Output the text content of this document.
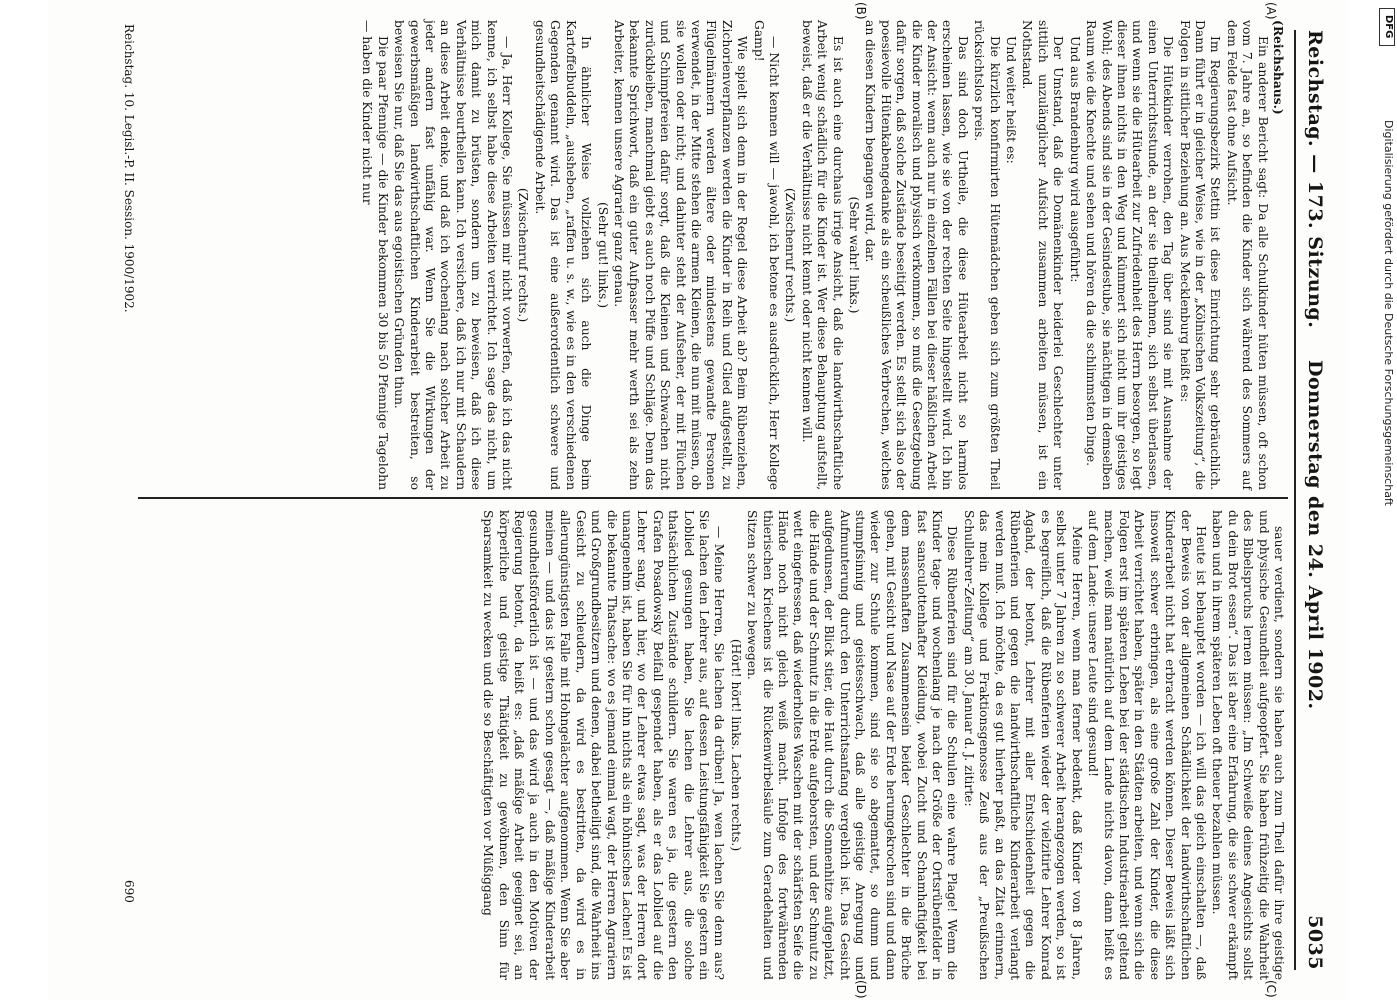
Reichstag. — 173. Sitzung.
Donnerstag den 24. April 1902.
5035
(A)
(B)
(C)
(D)

(Reichshaus.)

Ein anderer Bericht sagt: Da alle Schulkinder hüten müssen, oft schon vom 7. Jahre an, so befinden die Kinder sich während des Sommers auf dem Felde fast ohne Aufsicht.

Im Regierungsbezirk Stettin ist diese Einrichtung sehr gebräuchlich. Dann führt er in gleicher Weise, wie in der „Kölnischen Volkszeitung“, die Folgen in sittlicher Beziehung an. Aus Mecklenburg heißt es:

Die Hütekinder verrohen, den Tag über sind sie mit Ausnahme der einen Unterrichtsstunde, an der sie theilnehmen, sich selbst überlassen, und wenn sie die Hütearbeit zur Zufriedenheit des Herrn besorgen, so legt dieser ihnen nichts in den Weg und kümmert sich nicht um ihr geistiges Wohl; des Abends sind sie in der Gesindestube, sie nächtigen in demselben Raum wie die Knechte und sehen und hören da die schlimmsten Dinge.

Und aus Brandenburg wird ausgeführt:

Der Umstand, daß die Domänenkinder beiderlei Geschlechter unter sittlich unzulänglicher Aufsicht zusammen arbeiten müssen, ist ein Nothstand.

Und weiter heißt es:

Die kürzlich konfirmirten Hütemädchen geben sich zum größten Theil rücksichtslos preis.

Das sind doch Urtheile, die diese Hütearbeit nicht so harmlos erscheinen lassen, wie sie von der rechten Seite hingestellt wird. Ich bin der Ansicht: wenn auch nur in einzelnen Fällen bei dieser häßlichen Arbeit die Kinder moralisch und physisch verkommen, so muß die Gesetzgebung dafür sorgen, daß solche Zustände beseitigt werden. Es stellt sich also der poesievolle Hütenkabengedanke als ein scheußliches Verbrechen, welches an diesen Kindern begangen wird, dar.

(Sehr wahr! links.)

Es ist auch eine durchaus irrige Ansicht, daß die landwirthschaftliche Arbeit wenig schädlich für die Kinder ist. Wer diese Behauptung aufstellt, beweist, daß er die Verhältnisse nicht kennt oder nicht kennen will.

(Zwischenruf rechts.)

— Nicht kennen will — jawohl, ich betone es ausdrücklich, Herr Kollege Gamp!

Wie spielt sich denn in der Regel diese Arbeit ab? Beim Rübenziehen, Zichorienverpflanzen werden die Kinder in Reih und Glied aufgestellt, zu Flügelmännern werden ältere oder mindestens gewandte Personen verwendet, in der Mitte stehen die armen Kleinen, die nun mit müssen, ob sie wollen oder nicht; und dahinter steht der Aufseher, der mit Flüchen und Schimpfereien dafür sorgt, daß die Kleinen und Schwachen nicht zurückbleiben, manchmal giebt es auch noch Püffe und Schläge. Denn das bekannte Sprichwort, daß ein guter Aufpasser mehr werth sei als zehn Arbeiter, kennen unsere Agrarier ganz genau.

(Sehr gut! links.)

In ähnlicher Weise vollziehen sich auch die Dinge beim Kartoffelbuddeln, „ausheben, „raffen u. s. w., wie es in den verschiedenen Gegenden genannt wird. Das ist eine außerordentlich schwere und gesundheitschädigende Arbeit.

(Zwischenruf rechts.)

— Ja, Herr Kollege, Sie müssen mir nicht vorwerfen, daß ich das nicht kenne, ich selbst habe diese Arbeiten verrichtet. Ich sage das nicht, um mich damit zu brüsten, sondern um zu beweisen, daß ich diese Verhältnisse beurtheilen kann. Ich versichere, daß ich nur mit Schaudern an diese Arbeit denke, und daß ich wochenlang nach solcher Arbeit zu jeder andern fast unfähig war. Wenn Sie die Wirkungen der gewerbsmäßigen landwirthschaftlichen Kinderarbeit bestreiten, so beweisen Sie nur, daß Sie das aus egoistischen Gründen thun.

Die paar Pfennige — die Kinder bekommen 30 bis 50 Pfennige Tagelohn — haben die Kinder nicht nur

sauer verdient, sondern sie haben auch zum Theil dafür ihre geistige und physische Gesundheit aufgeopfert. Sie haben frühzeitig die Wahrheit des Bibelspruchs lernen müssen: „Im Schweiße deines Angesichts sollst du dein Brot essen“. Das ist aber eine Erfahrung, die sie schwer erkämpft haben und in ihrem späteren Leben oft theuer bezahlen müssen.

Heute ist behauptet worden — ich will das gleich einschalten —, daß der Beweis von der allgemeinen Schädlichkeit der landwirthschaftlichen Kinderarbeit nicht hat erbracht werden können. Dieser Beweis läßt sich insoweit schwer erbringen, als eine große Zahl der Kinder, die diese Arbeit verrichtet haben, später in den Städten arbeiten, und wenn sich die Folgen erst im späteren Leben bei der städtischen Industriearbeit geltend machen, weiß man natürlich auf dem Lande nichts davon, dann heißt es auf dem Lande: unsere Leute sind gesund!

Meine Herren, wenn man ferner bedenkt, daß Kinder von 8 Jahren, selbst unter 7 Jahren zu so schwerer Arbeit herangezogen werden, so ist es begreiflich, daß die Rübenferien wieder der vielzitirte Lehrer Konrad Agahd, der betont, Lehrer mit aller Entschiedenheit gegen die Rübenferien und gegen die landwirthschaftliche Kinderarbeit verlangt werden muß. Ich möchte, da es gut hierher paßt, an das Zitat erinnern, das mein Kollege und Fraktionsgenosse Zeuß aus der „Preußischen Schullehrer-Zeitung“ am 30. Januar d. J. zitirte:

Diese Rübenferien sind für die Schulen eine wahre Plage! Wenn die Kinder tage- und wochenlang je nach der Größe der Ortsrübenfelder in fast sansculottenhafter Kleidung, wobei Zucht und Schamhaftigkeit bei dem massenhaften Zusammensein beider Geschlechter in die Brüche gehen, mit Gesicht und Nase auf der Erde herumgekrochen sind und dann wieder zur Schule kommen, sind sie so abgemattet, so dumm und stumpfsinnig und geistesschwach, daß alle geistige Anregung und Aufmunterung durch den Unterrichtsanfang vergeblich ist. Das Gesicht aufgedunsen, der Blick stier, die Haut durch die Sonnenhitze aufgeplatzt, die Hände und der Schmutz in die Erde aufgeborsten, und der Schmutz zu wett eingefressen, daß wiederholtes Waschen mit der schärfsten Seife die Hände noch nicht gleich weiß macht. Infolge des fortwährenden thierischen Kriechens ist die Rückenwirbelsäule zum Geradehalten und Sitzen schwer zu bewegen.

(Hört! hört! links. Lachen rechts.)

— Meine Herren, Sie lachen da drüben! Ja, wen lachen Sie denn aus? Sie lachen den Lehrer aus, auf dessen Leistungsfähigkeit Sie gestern ein Loblied gesungen haben, Sie lachen die Lehrer aus, die solche thatsächlichen Zustände schildern. Sie waren es ja, die gestern den Grafen Posadowsky Beifall gespendet haben, als er das Loblied auf die Lehrer sang, und hier, wo der Lehrer etwas sagt, was der Herren dort unangenehm ist, haben Sie für ihn nichts als ein höhnisches Lachen! Es ist die bekannte Thatsache: wo es jemand einmal wagt, der Herren Agrariern und Großgrundbesitzern und denen, dabei betheiligt sind, die Wahrheit ins Gesicht zu schleudern, da wird es bestritten, da wird es in allerungünstigsten Falle mit Hohngelächter aufgenommen. Wenn Sie aber meinen — und das ist gestern schon gesagt —, daß mäßige Kinderarbeit gesundheitsförderlich ist — und das wird ja auch in den Motiven der Regierung betont, da heißt es: „daß mäßige Arbeit geeignet sei, an körperliche und geistige Thätigkeit zu gewöhnen, den Sinn für Sparsamkeit zu wecken und die so Beschäftigten vor Müßiggang

Reichstag. 10. Legisl.-P. II. Session. 1900/1902.
690
DFG
Digitalisierung gefördert durch die Deutsche Forschungsgemeinschaft
